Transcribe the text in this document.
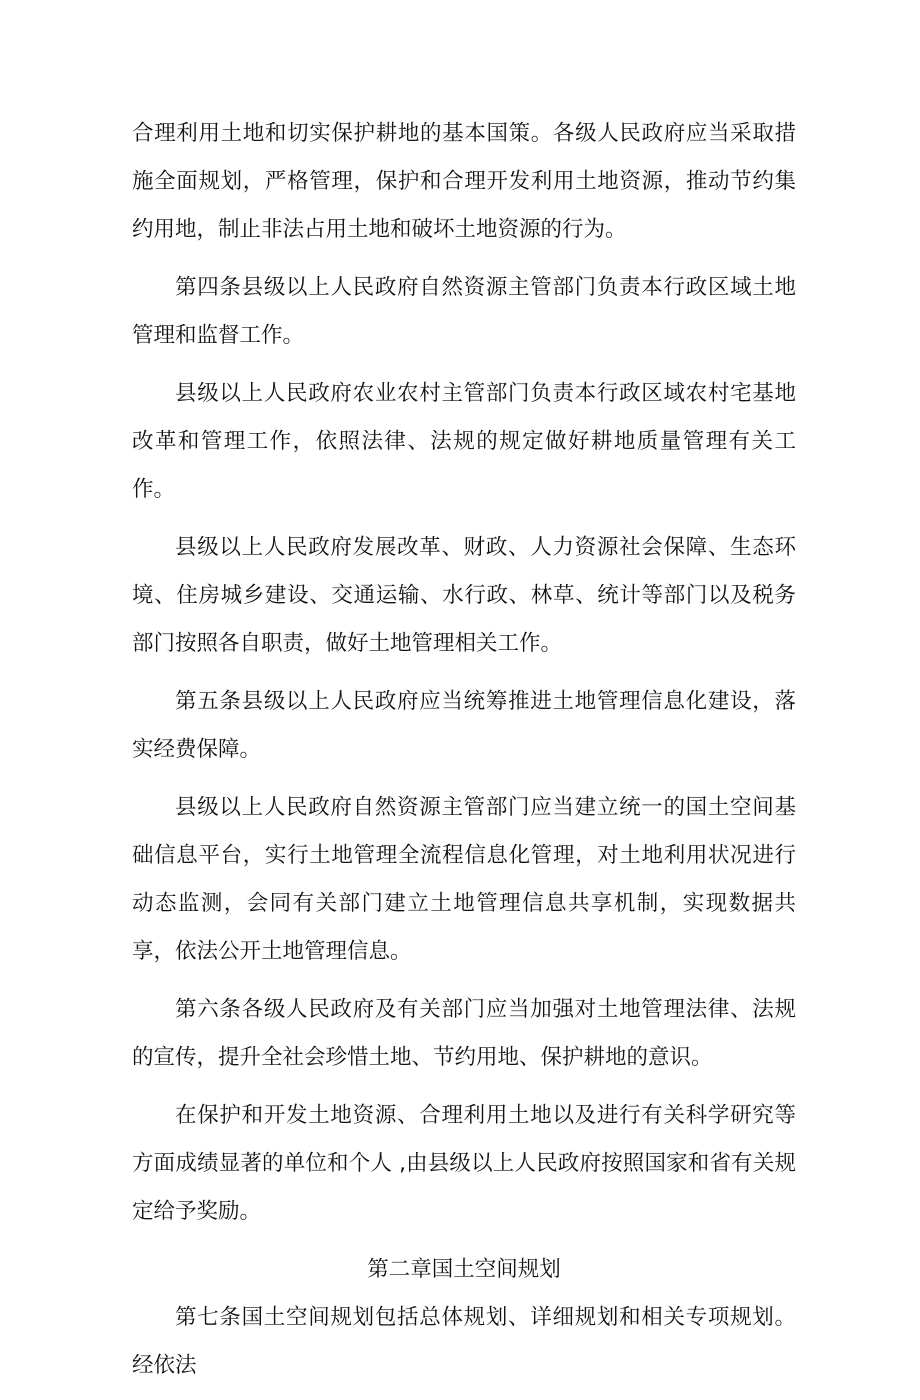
合理利用土地和切实保护耕地的基本国策。各级人民政府应当采取措施全面规划，严格管理，保护和合理开发利用土地资源，推动节约集约用地，制止非法占用土地和破坏土地资源的行为。

第四条县级以上人民政府自然资源主管部门负责本行政区域土地管理和监督工作。

县级以上人民政府农业农村主管部门负责本行政区域农村宅基地改革和管理工作，依照法律、法规的规定做好耕地质量管理有关工作。

县级以上人民政府发展改革、财政、人力资源社会保障、生态环境、住房城乡建设、交通运输、水行政、林草、统计等部门以及税务部门按照各自职责，做好土地管理相关工作。

第五条县级以上人民政府应当统筹推进土地管理信息化建设，落实经费保障。

县级以上人民政府自然资源主管部门应当建立统一的国土空间基础信息平台，实行土地管理全流程信息化管理，对土地利用状况进行动态监测，会同有关部门建立土地管理信息共享机制，实现数据共享，依法公开土地管理信息。

第六条各级人民政府及有关部门应当加强对土地管理法律、法规的宣传，提升全社会珍惜土地、节约用地、保护耕地的意识。

在保护和开发土地资源、合理利用土地以及进行有关科学研究等方面成绩显著的单位和个人 ,由县级以上人民政府按照国家和省有关规定给予奖励。

第二章国土空间规划

第七条国土空间规划包括总体规划、详细规划和相关专项规划。经依法
